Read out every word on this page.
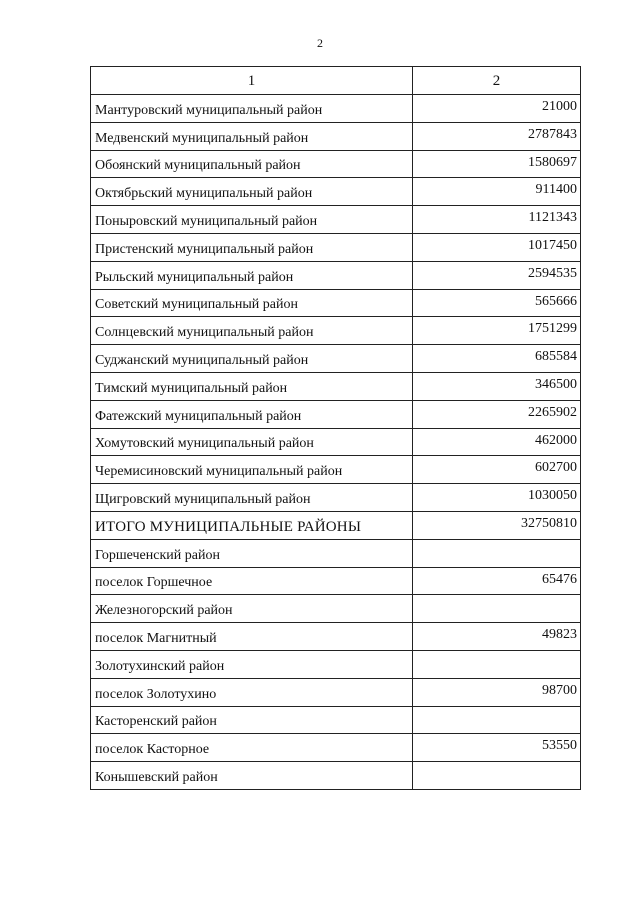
2
1	2
Мантуровский муниципальный район	21000
Медвенский муниципальный район	2787843
Обоянский муниципальный район	1580697
Октябрьский муниципальный район	911400
Поныровский муниципальный район	1121343
Пристенский муниципальный район	1017450
Рыльский муниципальный район	2594535
Советский муниципальный район	565666
Солнцевский муниципальный район	1751299
Суджанский муниципальный район	685584
Тимский муниципальный район	346500
Фатежский муниципальный район	2265902
Хомутовский муниципальный район	462000
Черемисиновский муниципальный район	602700
Щигровский муниципальный район	1030050
ИТОГО МУНИЦИПАЛЬНЫЕ РАЙОНЫ	32750810
Горшеченский район	
поселок Горшечное	65476
Железногорский район	
поселок Магнитный	49823
Золотухинский район	
поселок Золотухино	98700
Касторенский район	
поселок Касторное	53550
Конышевский район	
